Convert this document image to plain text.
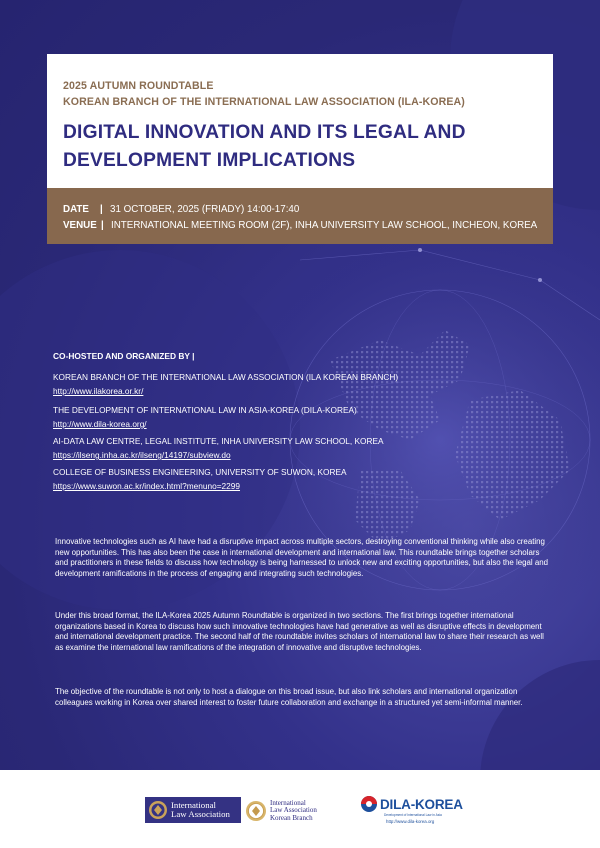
2025 AUTUMN ROUNDTABLE
KOREAN BRANCH OF THE INTERNATIONAL LAW ASSOCIATION (ILA-KOREA)
DIGITAL INNOVATION AND ITS LEGAL AND
DEVELOPMENT IMPLICATIONS
DATE	| 31 OCTOBER, 2025 (FRIADY) 14:00-17:40
VENUE | INTERNATIONAL MEETING ROOM (2F), INHA UNIVERSITY LAW SCHOOL, INCHEON, KOREA
CO-HOSTED AND ORGANIZED BY |
KOREAN BRANCH OF THE INTERNATIONAL LAW ASSOCIATION (ILA KOREAN BRANCH)
http://www.ilakorea.or.kr/
THE DEVELOPMENT OF INTERNATIONAL LAW IN ASIA-KOREA (DILA-KOREA)
http://www.dila-korea.org/
AI-DATA LAW CENTRE, LEGAL INSTITUTE, INHA UNIVERSITY LAW SCHOOL, KOREA
https://ilseng.inha.ac.kr/ilseng/14197/subview.do
COLLEGE OF BUSINESS ENGINEERING, UNIVERSITY OF SUWON, KOREA
https://www.suwon.ac.kr/index.html?menuno=2299

Innovative technologies such as AI have had a disruptive impact across multiple sectors, destroying conventional thinking while also creating new opportunities. This has also been the case in international development and international law. This roundtable brings together scholars and practitioners in these fields to discuss how technology is being harnessed to unlock new and exciting opportunities, but also the legal and development ramifications in the process of engaging and integrating such technologies.

Under this broad format, the ILA-Korea 2025 Autumn Roundtable is organized in two sections. The first brings together international organizations based in Korea to discuss how such innovative technologies have had generative as well as disruptive effects in development and international development practice. The second half of the roundtable invites scholars of international law to share their research as well as examine the international law ramifications of the integration of innovative and disruptive technologies.

The objective of the roundtable is not only to host a dialogue on this broad issue, but also link scholars and international organization colleagues working in Korea over shared interest to foster future collaboration and exchange in a structured yet semi-informal manner.

International
Law Association
International
Law Association
Korean Branch
DILA-KOREA
Development of International Law in Asia
http://www.dila-korea.org
